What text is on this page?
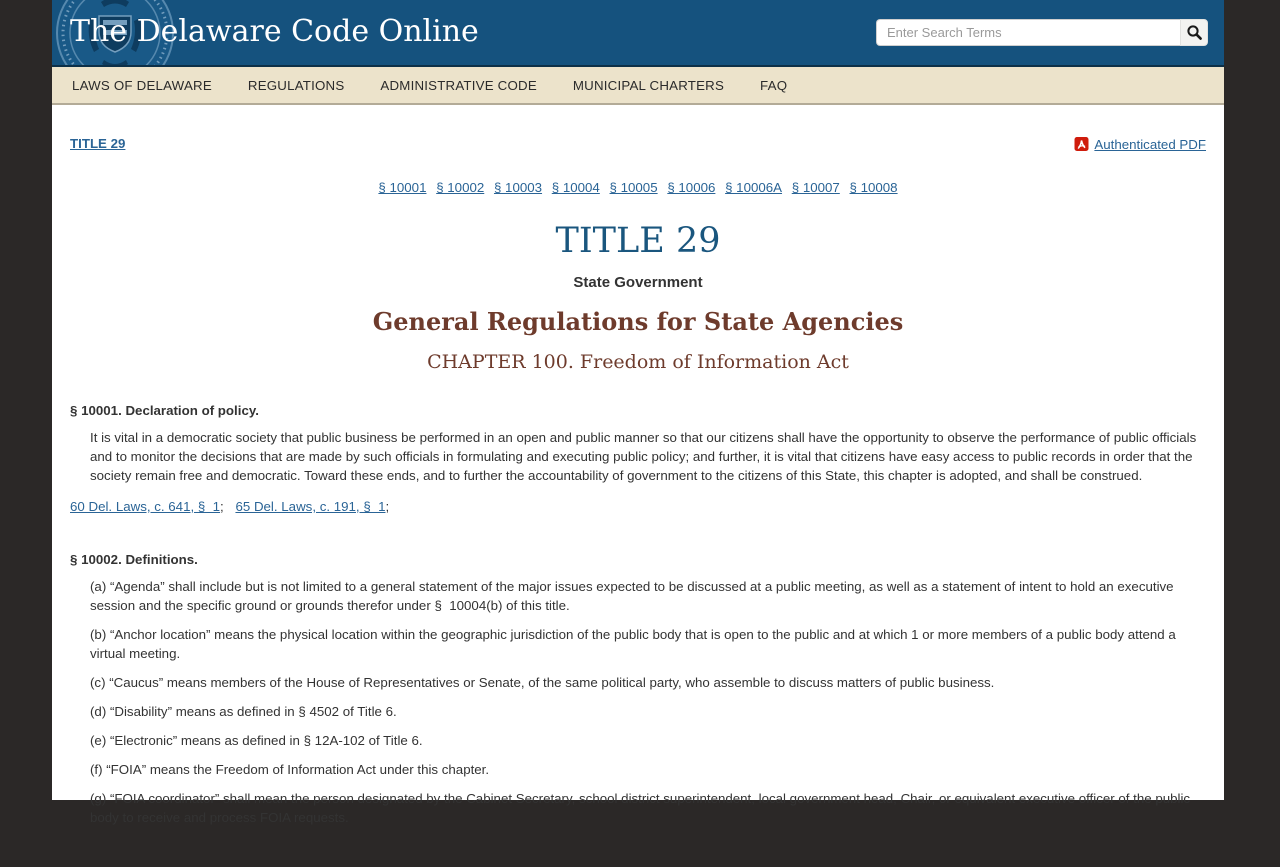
The Delaware Code Online
Enter Search Terms
LAWS OF DELAWARE	REGULATIONS	ADMINISTRATIVE CODE	MUNICIPAL CHARTERS	FAQ
TITLE 29	Authenticated PDF
§ 10001 § 10002 § 10003 § 10004 § 10005 § 10006 § 10006A § 10007 § 10008
TITLE 29
State Government
General Regulations for State Agencies
CHAPTER 100. Freedom of Information Act
§ 10001. Declaration of policy.

It is vital in a democratic society that public business be performed in an open and public manner so that our citizens shall have the opportunity to observe the performance of public officials and to monitor the decisions that are made by such officials in formulating and executing public policy; and further, it is vital that citizens have easy access to public records in order that the society remain free and democratic. Toward these ends, and to further the accountability of government to the citizens of this State, this chapter is adopted, and shall be construed.

60 Del. Laws, c. 641, §  1; 65 Del. Laws, c. 191, §  1;
§ 10002. Definitions.

(a) “Agenda” shall include but is not limited to a general statement of the major issues expected to be discussed at a public meeting, as well as a statement of intent to hold an executive session and the specific ground or grounds therefor under §  10004(b) of this title.

(b) “Anchor location” means the physical location within the geographic jurisdiction of the public body that is open to the public and at which 1 or more members of a public body attend a virtual meeting.

(c) “Caucus” means members of the House of Representatives or Senate, of the same political party, who assemble to discuss matters of public business.

(d) “Disability” means as defined in § 4502 of Title 6.

(e) “Electronic” means as defined in § 12A-102 of Title 6.

(f) “FOIA” means the Freedom of Information Act under this chapter.

(g) “FOIA coordinator” shall mean the person designated by the Cabinet Secretary, school district superintendent, local government head, Chair, or equivalent executive officer of the public body to receive and process FOIA requests.
